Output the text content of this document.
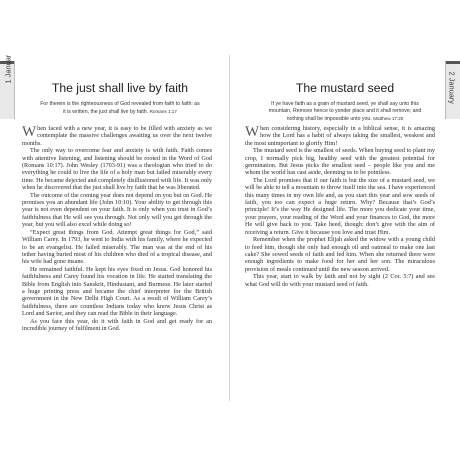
The just shall live by faith
For therein is the righteousness of God revealed from faith to faith: as it is written, the just shall live by faith. Romans 1:17

When faced with a new year, it is easy to be filled with anxiety as we contemplate the massive challenges awaiting us over the next twelve months.

The only way to overcome fear and anxiety is with faith. Faith comes with attentive listening, and listening should be rooted in the Word of God (Romans 10:17). John Wesley (1703-91) was a theologian who tried to do everything he could to live the life of a holy man but failed miserably every time. He became dejected and completely disillusioned with life. It was only when he discovered that the just shall live by faith that he was liberated.

The outcome of the coming year does not depend on you but on God. He promises you an abundant life (John 10:10). Your ability to get through this year is not even dependent on your faith. It is only when you trust in God’s faithfulness that He will see you through. Not only will you get through the year, but you will also excel while doing so!

“Expect great things from God. Attempt great things for God,” said William Carey. In 1793, he went to India with his family, where he expected to be an evangelist. He failed miserably. The man was at the end of his tether having buried most of his children who died of a tropical disease, and his wife had gone insane.

He remained faithful. He kept his eyes fixed on Jesus. God honored his faithfulness and Carey found his vocation in life. He started translating the Bible from English into Sanskrit, Hindustani, and Burmese. He later started a huge printing press and became the chief interpreter for the British government in the New Delhi High Court. As a result of William Carey’s faithfulness, there are countless Indians today who know Jesus Christ as Lord and Savior, and they can read the Bible in their language.

As you face this year, do it with faith in God and get ready for an incredible journey of fulfilment in God.

The mustard seed
If ye have faith as a grain of mustard seed, ye shall say unto this mountain, Remove hence to yonder place and it shall remove; and nothing shall be impossible unto you. Matthew 17:20

When considering history, especially in a biblical sense, it is amazing how the Lord has a habit of always taking the smallest, weakest and the most unimportant to glorify Him!

The mustard seed is the smallest of seeds. When buying seed to plant my crop, I normally pick big, healthy seed with the greatest potential for germination. But Jesus picks the smallest seed – people like you and me whom the world has cast aside, deeming us to be pointless.

The Lord promises that if our faith is but the size of a mustard seed, we will be able to tell a mountain to throw itself into the sea. I have experienced this many times in my own life and, as you start this year and sow seeds of faith, you too can expect a huge return. Why? Because that’s God’s principle! It’s the way He designed life. The more you dedicate your time, your prayers, your reading of the Word and your finances to God, the more He will give back to you. Take heed, though: don’t give with the aim of receiving a return. Give it because you love and trust Him.

Remember when the prophet Elijah asked the widow with a young child to feed him, though she only had enough oil and oatmeal to make one last cake? She sowed seeds of faith and fed him. When she returned there were enough ingredients to make food for her and her son. The miraculous provision of meals continued until the new season arrived.

This year, start to walk by faith and not by sight (2 Cor. 5:7) and see what God will do with your mustard seed of faith.
